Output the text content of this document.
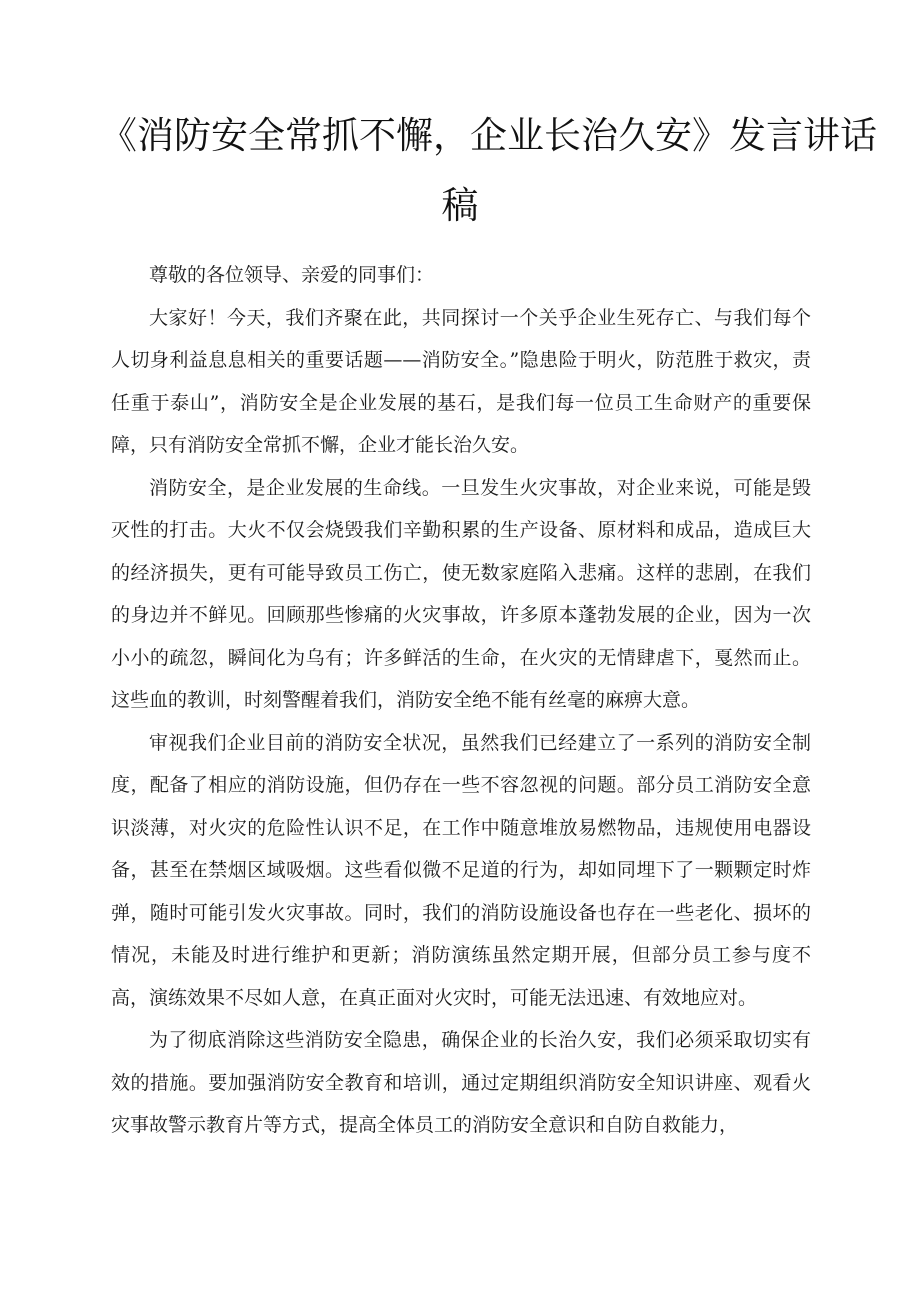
《消防安全常抓不懈，企业长治久安》发言讲话
稿

尊敬的各位领导、亲爱的同事们：

大家好！今天，我们齐聚在此，共同探讨一个关乎企业生死存亡、与我们每个人切身利益息息相关的重要话题——消防安全。”隐患险于明火，防范胜于救灾，责任重于泰山”，消防安全是企业发展的基石，是我们每一位员工生命财产的重要保障，只有消防安全常抓不懈，企业才能长治久安。

消防安全，是企业发展的生命线。一旦发生火灾事故，对企业来说，可能是毁灭性的打击。大火不仅会烧毁我们辛勤积累的生产设备、原材料和成品，造成巨大的经济损失，更有可能导致员工伤亡，使无数家庭陷入悲痛。这样的悲剧，在我们的身边并不鲜见。回顾那些惨痛的火灾事故，许多原本蓬勃发展的企业，因为一次小小的疏忽，瞬间化为乌有；许多鲜活的生命，在火灾的无情肆虐下，戛然而止。这些血的教训，时刻警醒着我们，消防安全绝不能有丝毫的麻痹大意。

审视我们企业目前的消防安全状况，虽然我们已经建立了一系列的消防安全制度，配备了相应的消防设施，但仍存在一些不容忽视的问题。部分员工消防安全意识淡薄，对火灾的危险性认识不足，在工作中随意堆放易燃物品，违规使用电器设备，甚至在禁烟区域吸烟。这些看似微不足道的行为，却如同埋下了一颗颗定时炸弹，随时可能引发火灾事故。同时，我们的消防设施设备也存在一些老化、损坏的情况，未能及时进行维护和更新；消防演练虽然定期开展，但部分员工参与度不高，演练效果不尽如人意，在真正面对火灾时，可能无法迅速、有效地应对。

为了彻底消除这些消防安全隐患，确保企业的长治久安，我们必须采取切实有效的措施。要加强消防安全教育和培训，通过定期组织消防安全知识讲座、观看火灾事故警示教育片等方式，提高全体员工的消防安全意识和自防自救能力，
